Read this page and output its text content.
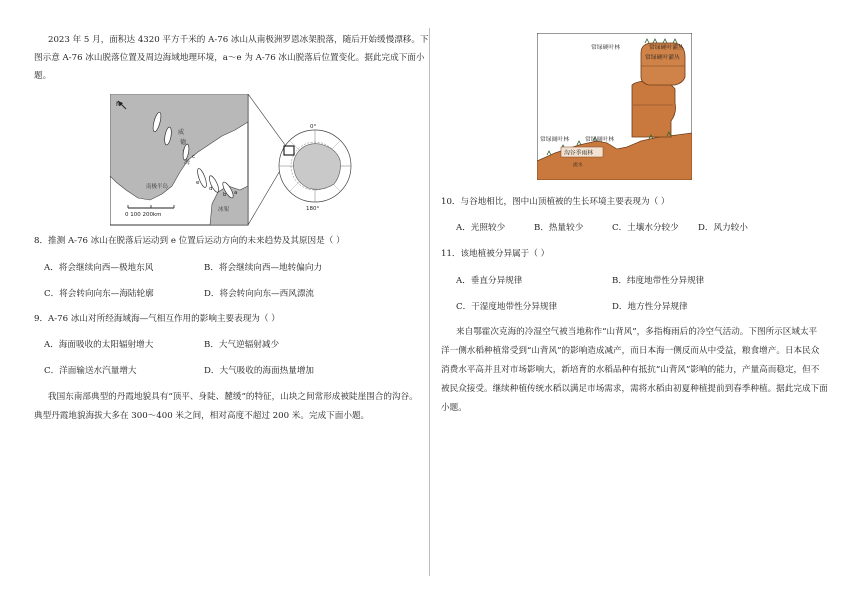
2023 年 5 月，面积达 4320 平方千米的 A-76 冰山从南极洲罗恩冰架脱落，随后开始缓慢漂移。下
图示意 A-76 冰山脱落位置及周边海域地理环境，a～e 为 A-76 冰山脱落后位置变化。据此完成下面小
题。
N
威
德
海
e
d
b a
c
南极半岛
冰架
0 100 200km
0°
180°
8．推测 A-76 冰山在脱落后运动到 e 位置后运动方向的未来趋势及其原因是（ ）
A．将会继续向西—极地东风	B．将会继续向西—地转偏向力
C．将会转向向东—海陆轮廓	D．将会转向向东—西风漂流
9．A-76 冰山对所经海域海—气相互作用的影响主要表现为（ ）
A．海面吸收的太阳辐射增大	B．大气逆辐射减少
C．洋面输送水汽量增大	D．大气吸收的海面热量增加
我国东南部典型的丹霞地貌具有“顶平、身陡、麓缓”的特征，山块之间常形成被陡崖围合的沟谷。
典型丹霞地貌海拔大多在 300～400 米之间，相对高度不超过 200 米。完成下面小题。
常绿硬叶林	常绿硬叶灌丛
常绿硬叶灌丛
常绿阔叶林	常绿阔叶林
沟谷季雨林
流水
10．与谷地相比，图中山顶植被的生长环境主要表现为（ ）
A．光照较少	B．热量较少	C．土壤水分较少 D．风力较小
11．该地植被分异属于（ ）
A．垂直分异规律	B．纬度地带性分异规律
C．干湿度地带性分异规律	D．地方性分异规律
来自鄂霍次克海的冷湿空气被当地称作“山背风”，多指梅雨后的冷空气活动。下图所示区域太平
洋一侧水稻种植常受到“山背风”的影响造成减产，而日本海一侧反而从中受益，粮食增产。日本民众
消费水平高并且对市场影响大，新培育的水稻品种有抵抗“山背风”影响的能力，产量高而稳定，但不
被民众接受。继续种植传统水稻以满足市场需求，需将水稻由初夏种植提前到春季种植。据此完成下面
小题。
